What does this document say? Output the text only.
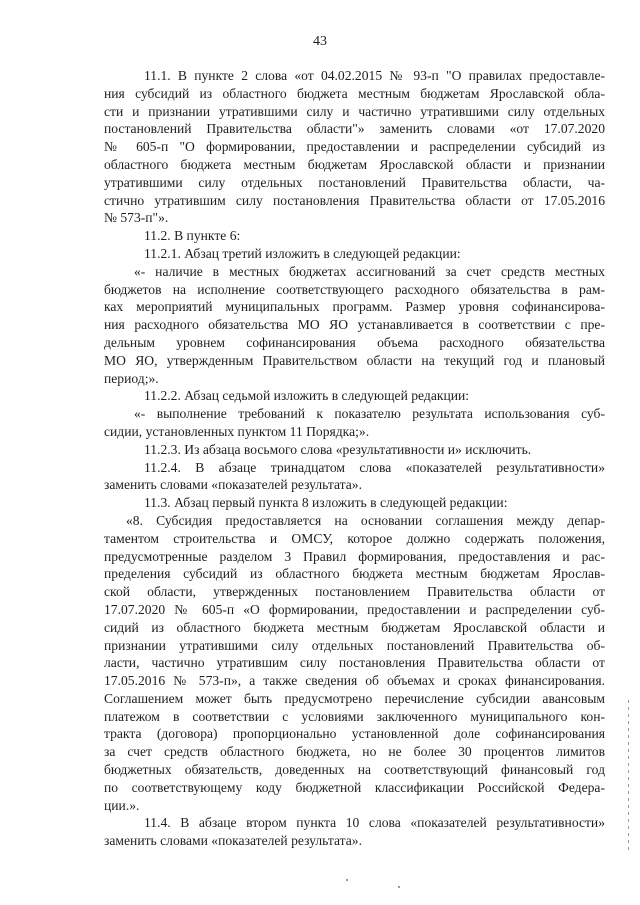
43
11.1. В пункте 2 слова «от 04.02.2015 № 93-п "О правилах предоставле-
ния субсидий из областного бюджета местным бюджетам Ярославской обла-
сти и признании утратившими силу и частично утратившими силу отдельных
постановлений Правительства области"» заменить словами «от 17.07.2020
№ 605-п "О формировании, предоставлении и распределении субсидий из
областного бюджета местным бюджетам Ярославской области и признании
утратившими силу отдельных постановлений Правительства области, ча-
стично утратившим силу постановления Правительства области от 17.05.2016
№ 573-п"».
11.2. В пункте 6:
11.2.1. Абзац третий изложить в следующей редакции:
«- наличие в местных бюджетах ассигнований за счет средств местных
бюджетов на исполнение соответствующего расходного обязательства в рам-
ках мероприятий муниципальных программ. Размер уровня софинансирова-
ния расходного обязательства МО ЯО устанавливается в соответствии с пре-
дельным уровнем софинансирования объема расходного обязательства
МО ЯО, утвержденным Правительством области на текущий год и плановый
период;».
11.2.2. Абзац седьмой изложить в следующей редакции:
«- выполнение требований к показателю результата использования суб-
сидии, установленных пунктом 11 Порядка;».
11.2.3. Из абзаца восьмого слова «результативности и» исключить.
11.2.4. В абзаце тринадцатом слова «показателей результативности»
заменить словами «показателей результата».
11.3. Абзац первый пункта 8 изложить в следующей редакции:
«8. Субсидия предоставляется на основании соглашения между депар-
таментом строительства и ОМСУ, которое должно содержать положения,
предусмотренные разделом 3 Правил формирования, предоставления и рас-
пределения субсидий из областного бюджета местным бюджетам Ярослав-
ской области, утвержденных постановлением Правительства области от
17.07.2020 № 605-п «О формировании, предоставлении и распределении суб-
сидий из областного бюджета местным бюджетам Ярославской области и
признании утратившими силу отдельных постановлений Правительства об-
ласти, частично утратившим силу постановления Правительства области от
17.05.2016 № 573-п», а также сведения об объемах и сроках финансирования.
Соглашением может быть предусмотрено перечисление субсидии авансовым
платежом в соответствии с условиями заключенного муниципального кон-
тракта (договора) пропорционально установленной доле софинансирования
за счет средств областного бюджета, но не более 30 процентов лимитов
бюджетных обязательств, доведенных на соответствующий финансовый год
по соответствующему коду бюджетной классификации Российской Федера-
ции.».
11.4. В абзаце втором пункта 10 слова «показателей результативности»
заменить словами «показателей результата».
